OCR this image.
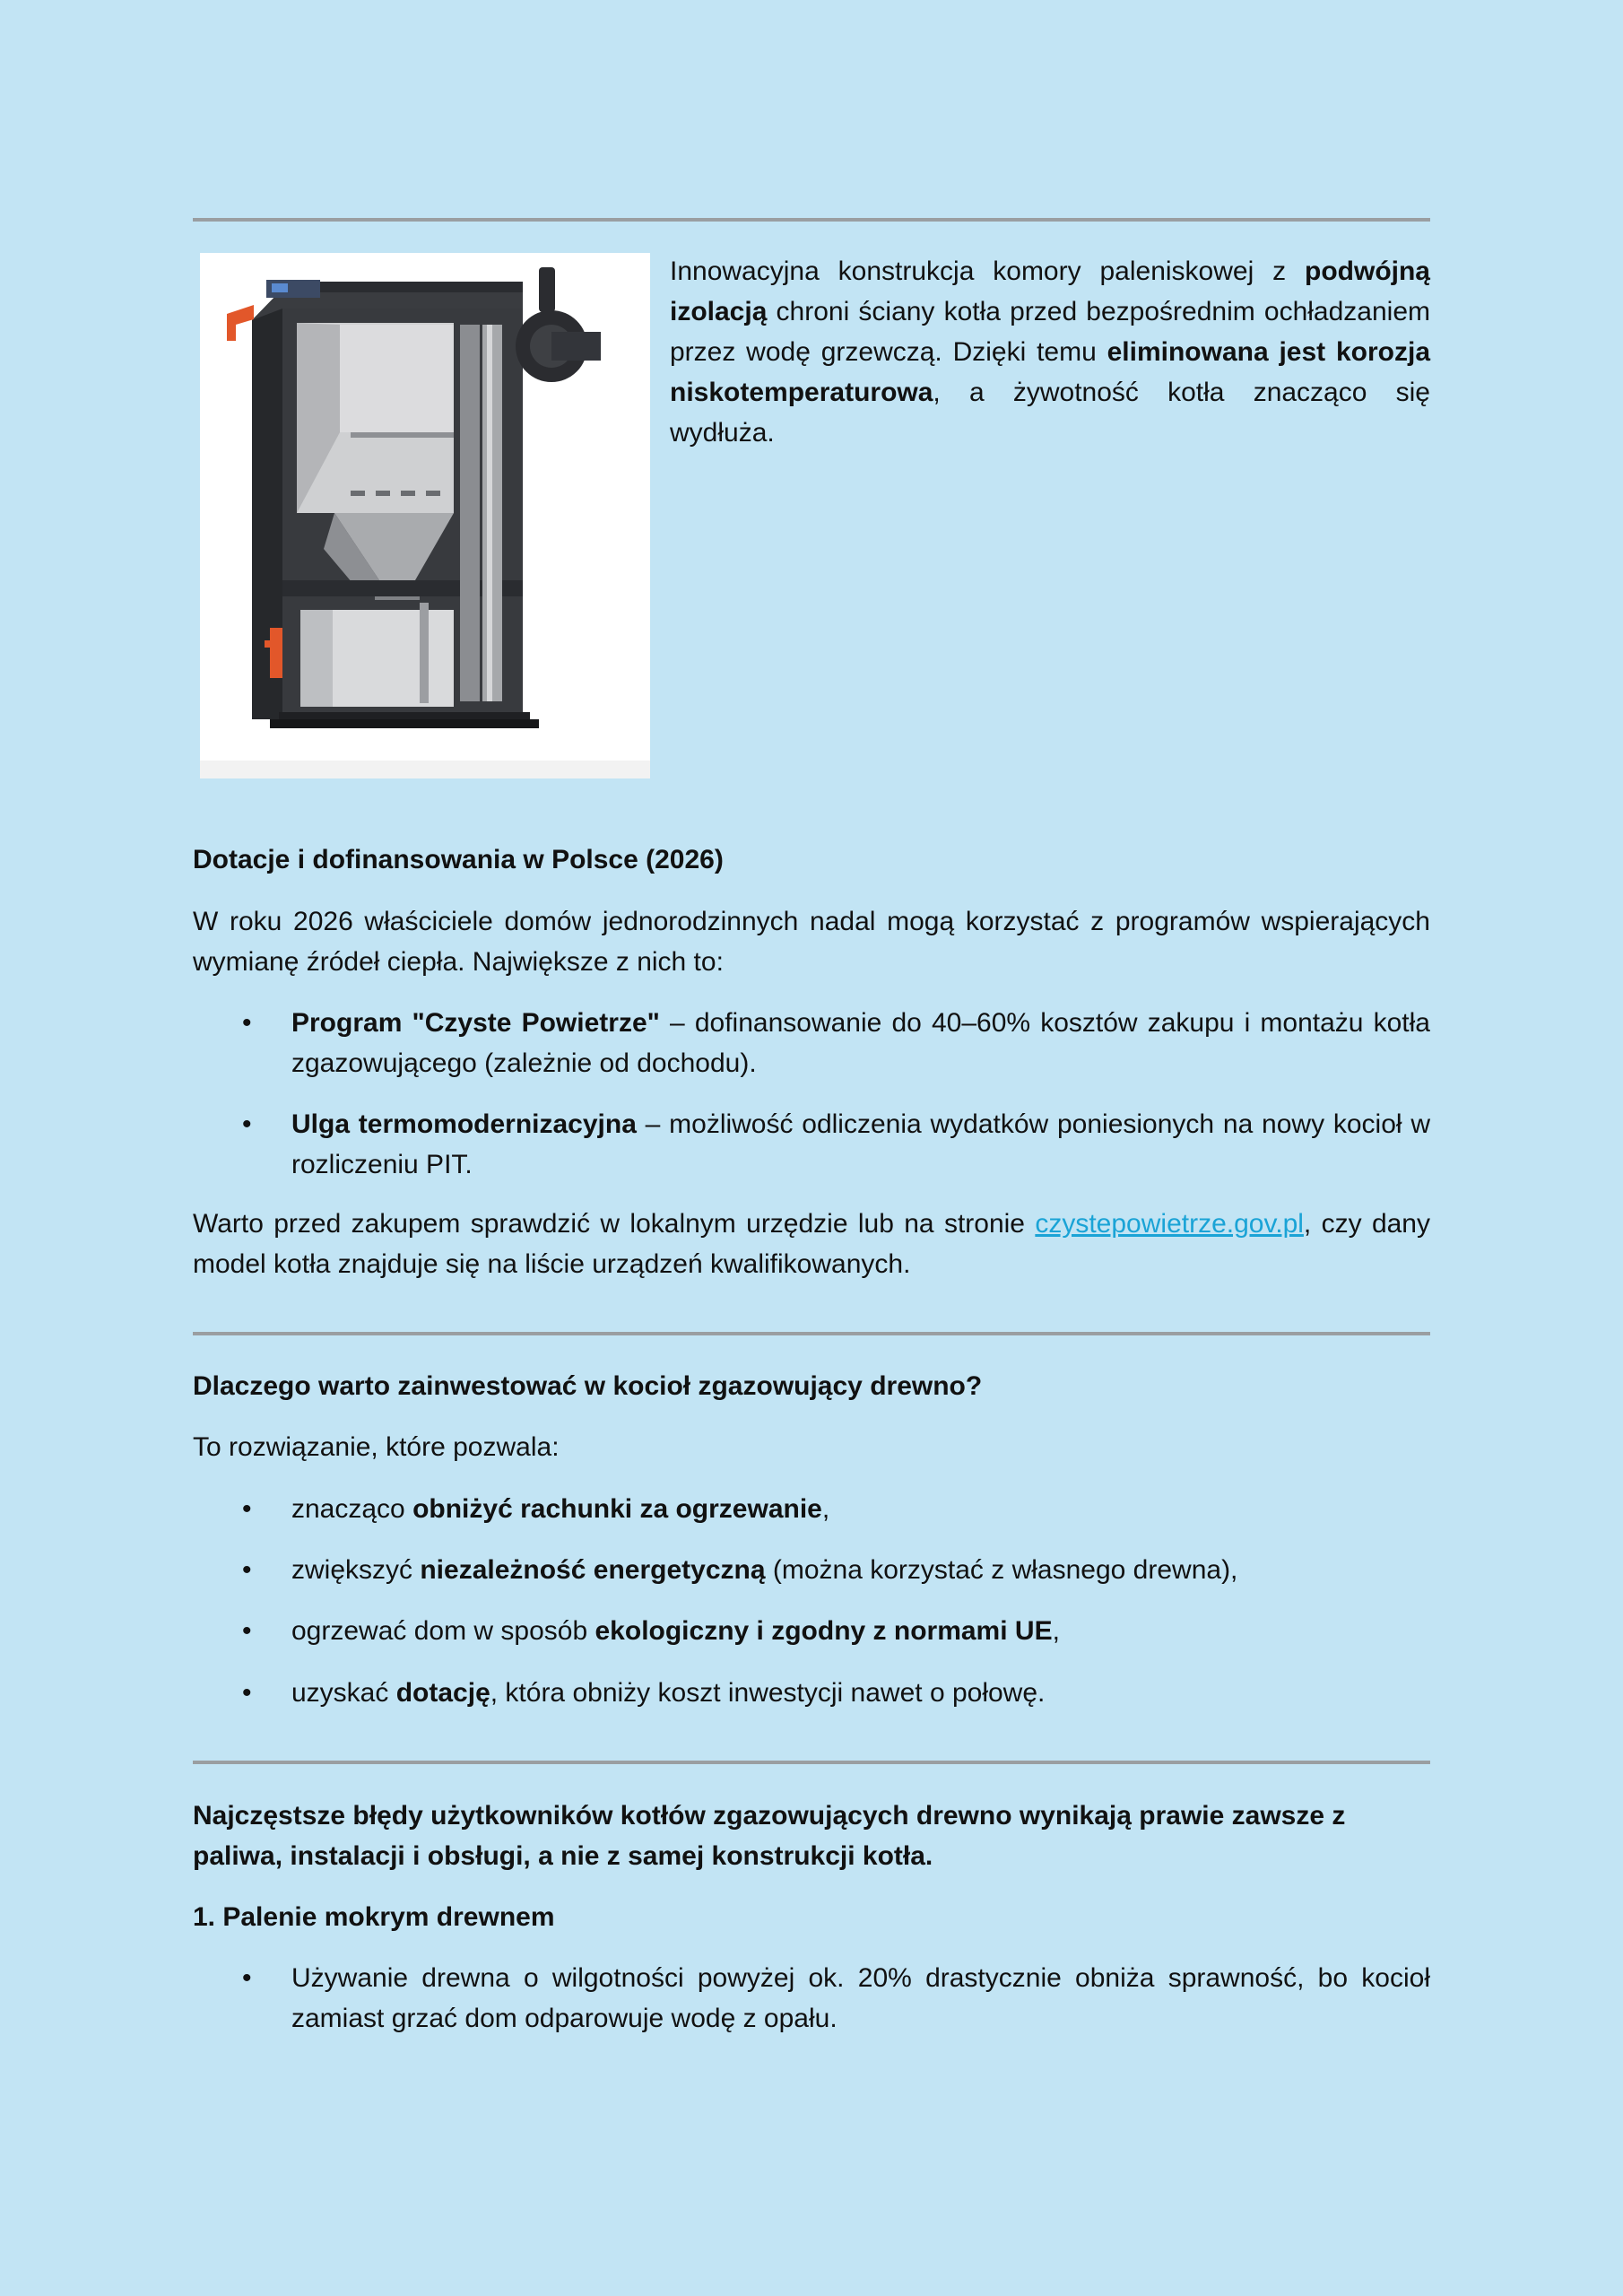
Innowacyjna konstrukcja komory paleniskowej z podwójną izolacją chroni ściany kotła przed bezpośrednim ochładzaniem przez wodę grzewczą. Dzięki temu eliminowana jest korozja niskotemperaturowa, a żywotność kotła znacząco się wydłuża.
Dotacje i dofinansowania w Polsce (2026)
W roku 2026 właściciele domów jednorodzinnych nadal mogą korzystać z programów wspierających wymianę źródeł ciepła. Największe z nich to:
• Program "Czyste Powietrze" – dofinansowanie do 40–60% kosztów zakupu i montażu kotła zgazowującego (zależnie od dochodu).
• Ulga termomodernizacyjna – możliwość odliczenia wydatków poniesionych na nowy kocioł w rozliczeniu PIT.
Warto przed zakupem sprawdzić w lokalnym urzędzie lub na stronie czystepowietrze.gov.pl, czy dany model kotła znajduje się na liście urządzeń kwalifikowanych.
Dlaczego warto zainwestować w kocioł zgazowujący drewno?
To rozwiązanie, które pozwala:
• znacząco obniżyć rachunki za ogrzewanie,
• zwiększyć niezależność energetyczną (można korzystać z własnego drewna),
• ogrzewać dom w sposób ekologiczny i zgodny z normami UE,
• uzyskać dotację, która obniży koszt inwestycji nawet o połowę.
Najczęstsze błędy użytkowników kotłów zgazowujących drewno wynikają prawie zawsze z paliwa, instalacji i obsługi, a nie z samej konstrukcji kotła.
1. Palenie mokrym drewnem
• Używanie drewna o wilgotności powyżej ok. 20% drastycznie obniża sprawność, bo kocioł zamiast grzać dom odparowuje wodę z opału.
